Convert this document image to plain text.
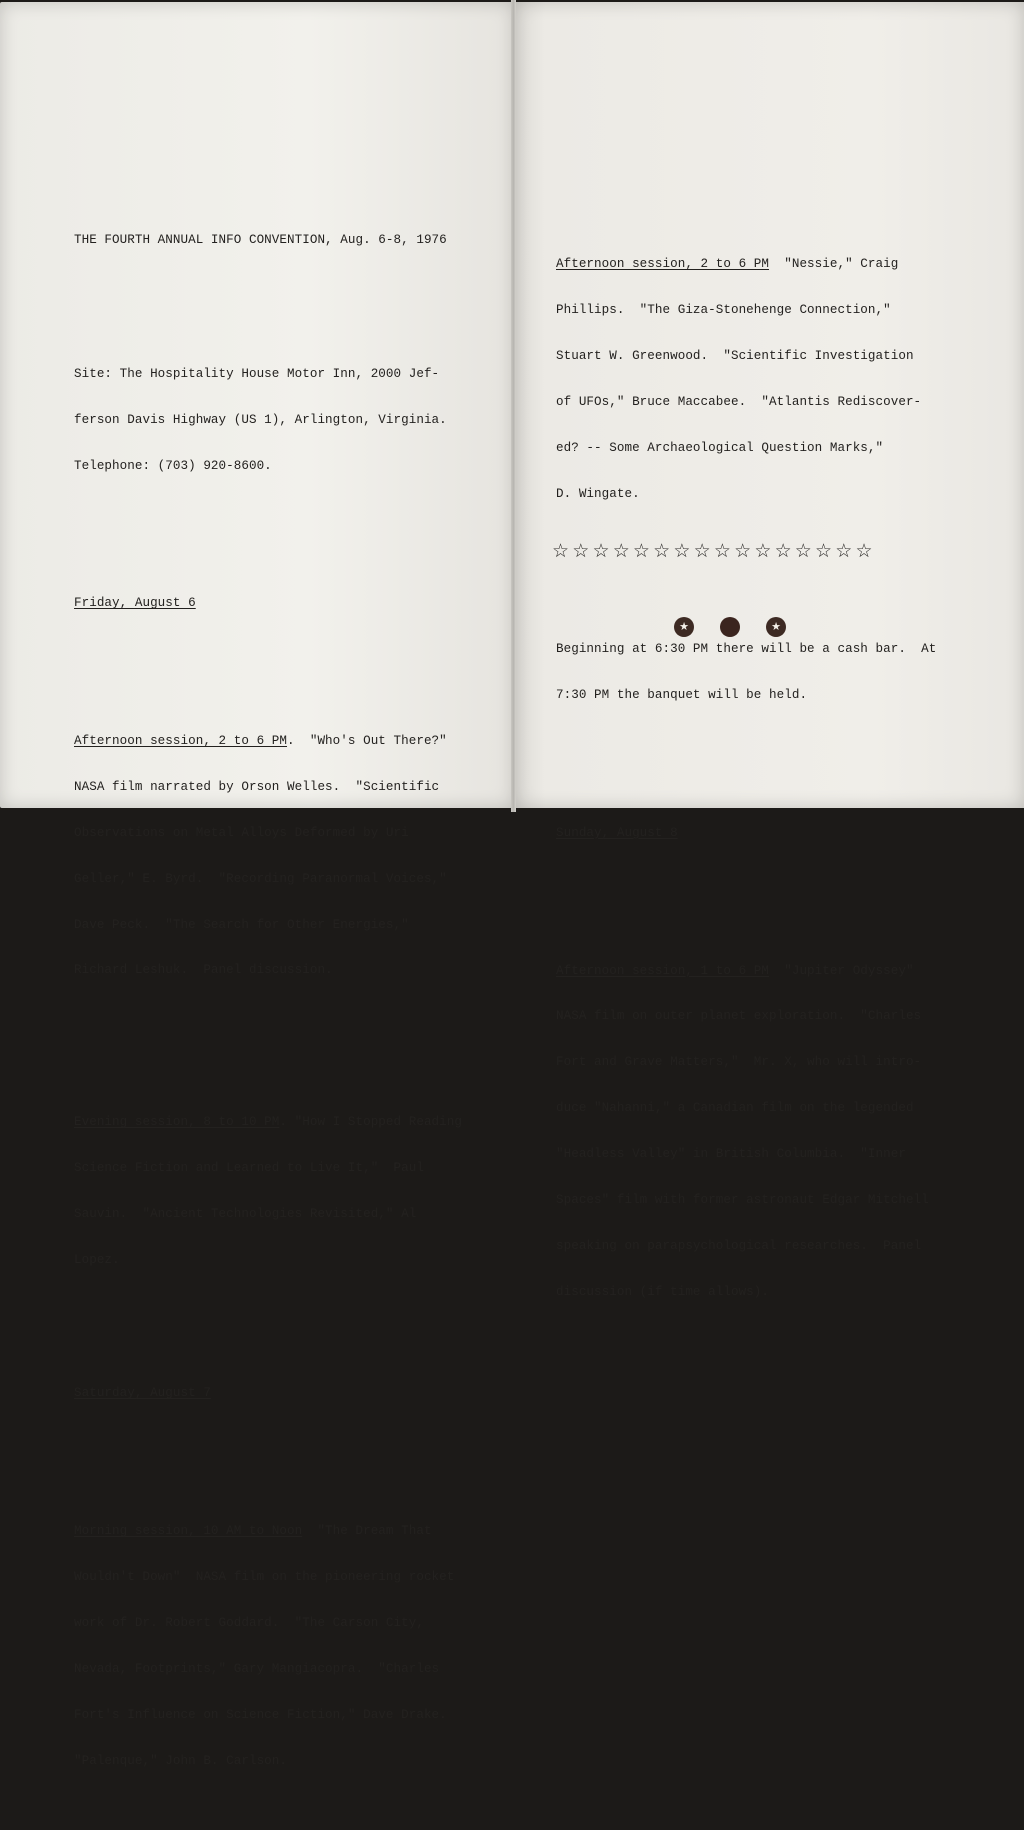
THE FOURTH ANNUAL INFO CONVENTION, Aug. 6-8, 1976

Site: The Hospitality House Motor Inn, 2000 Jef-

ferson Davis Highway (US 1), Arlington, Virginia.

Telephone: (703) 920-8600.

Friday, August 6

Afternoon session, 2 to 6 PM.  "Who's Out There?"

NASA film narrated by Orson Welles.  "Scientific

Observations on Metal Alloys Deformed by Uri

Geller," E. Byrd.  "Recording Paranormal Voices,"

Dave Peck.  "The Search for Other Energies,"

Richard Leshuk.  Panel discussion.

Evening session, 8 to 10 PM. "How I Stopped Reading

Science Fiction and Learned to Live It,"  Paul

Sauvin.  "Ancient Technologies Revisited," Al

Lopez.

Saturday, August 7

Morning session, 10 AM to Noon  "The Dream That

Wouldn't Down"  NASA film on the pioneering rocket

work of Dr. Robert Goddard.  "The Carson City,

Nevada, Footprints," Gary Mangiacopra.  "Charles

Fort's Influence on Science Fiction," Dave Drake.

"Palenque," John B. Carlson.

Afternoon session, 2 to 6 PM  "Nessie," Craig

Phillips.  "The Giza-Stonehenge Connection,"

Stuart W. Greenwood.  "Scientific Investigation

of UFOs," Bruce Maccabee.  "Atlantis Rediscover-

ed? -- Some Archaeological Question Marks,"

D. Wingate.

Beginning at 6:30 PM there will be a cash bar.  At

7:30 PM the banquet will be held.

Sunday, August 8

Afternoon session, 1 to 6 PM  "Jupiter Odyssey"

NASA film on outer planet exploration.  "Charles

Fort and Grave Matters,"  Mr. X, who will intro-

duce "Nahanni," a Canadian film on the legended

"Headless Valley" in British Columbia.  "Inner

Spaces" film with former astronaut Edgar Mitchell

speaking on parapsychological researches.  Panel

discussion (if time allows).

☆☆☆☆☆☆☆☆☆☆☆☆☆☆☆☆
★	★
